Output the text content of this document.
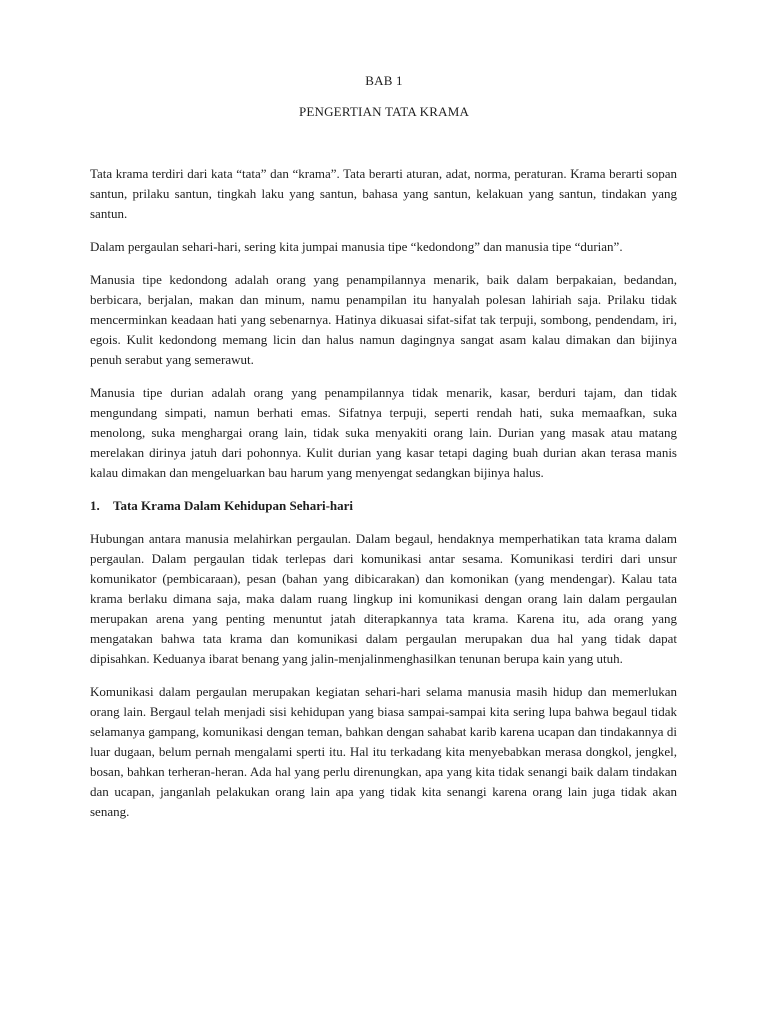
BAB 1
PENGERTIAN TATA KRAMA

Tata krama terdiri dari kata “tata” dan “krama”. Tata berarti aturan, adat, norma, peraturan. Krama berarti sopan santun, prilaku santun, tingkah laku yang santun, bahasa yang santun, kelakuan yang santun, tindakan yang santun.

Dalam pergaulan sehari-hari, sering kita jumpai manusia tipe “kedondong” dan manusia tipe “durian”.

Manusia tipe kedondong adalah orang yang penampilannya menarik, baik dalam berpakaian, bedandan, berbicara, berjalan, makan dan minum, namu penampilan itu hanyalah polesan lahiriah saja. Prilaku tidak mencerminkan keadaan hati yang sebenarnya. Hatinya dikuasai sifat-sifat tak terpuji, sombong, pendendam, iri, egois. Kulit kedondong memang licin dan halus namun dagingnya sangat asam kalau dimakan dan bijinya penuh serabut yang semerawut.

Manusia tipe durian adalah orang yang penampilannya tidak menarik, kasar, berduri tajam, dan tidak mengundang simpati, namun berhati emas. Sifatnya terpuji, seperti rendah hati, suka memaafkan, suka menolong, suka menghargai orang lain, tidak suka menyakiti orang lain. Durian yang masak atau matang merelakan dirinya jatuh dari pohonnya. Kulit durian yang kasar tetapi daging buah durian akan terasa manis kalau dimakan dan mengeluarkan bau harum yang menyengat sedangkan bijinya halus.

1. Tata Krama Dalam Kehidupan Sehari-hari

Hubungan antara manusia melahirkan pergaulan. Dalam begaul, hendaknya memperhatikan tata krama dalam pergaulan. Dalam pergaulan tidak terlepas dari komunikasi antar sesama. Komunikasi terdiri dari unsur komunikator (pembicaraan), pesan (bahan yang dibicarakan) dan komonikan (yang mendengar). Kalau tata krama berlaku dimana saja, maka dalam ruang lingkup ini komunikasi dengan orang lain dalam pergaulan merupakan arena yang penting menuntut jatah diterapkannya tata krama. Karena itu, ada orang yang mengatakan bahwa tata krama dan komunikasi dalam pergaulan merupakan dua hal yang tidak dapat dipisahkan. Keduanya ibarat benang yang jalin-menjalinmenghasilkan tenunan berupa kain yang utuh.

Komunikasi dalam pergaulan merupakan kegiatan sehari-hari selama manusia masih hidup dan memerlukan orang lain. Bergaul telah menjadi sisi kehidupan yang biasa sampai-sampai kita sering lupa bahwa begaul tidak selamanya gampang, komunikasi dengan teman, bahkan dengan sahabat karib karena ucapan dan tindakannya di luar dugaan, belum pernah mengalami sperti itu. Hal itu terkadang kita menyebabkan merasa dongkol, jengkel, bosan, bahkan terheran-heran. Ada hal yang perlu direnungkan, apa yang kita tidak senangi baik dalam tindakan dan ucapan, janganlah pelakukan orang lain apa yang tidak kita senangi karena orang lain juga tidak akan senang.
